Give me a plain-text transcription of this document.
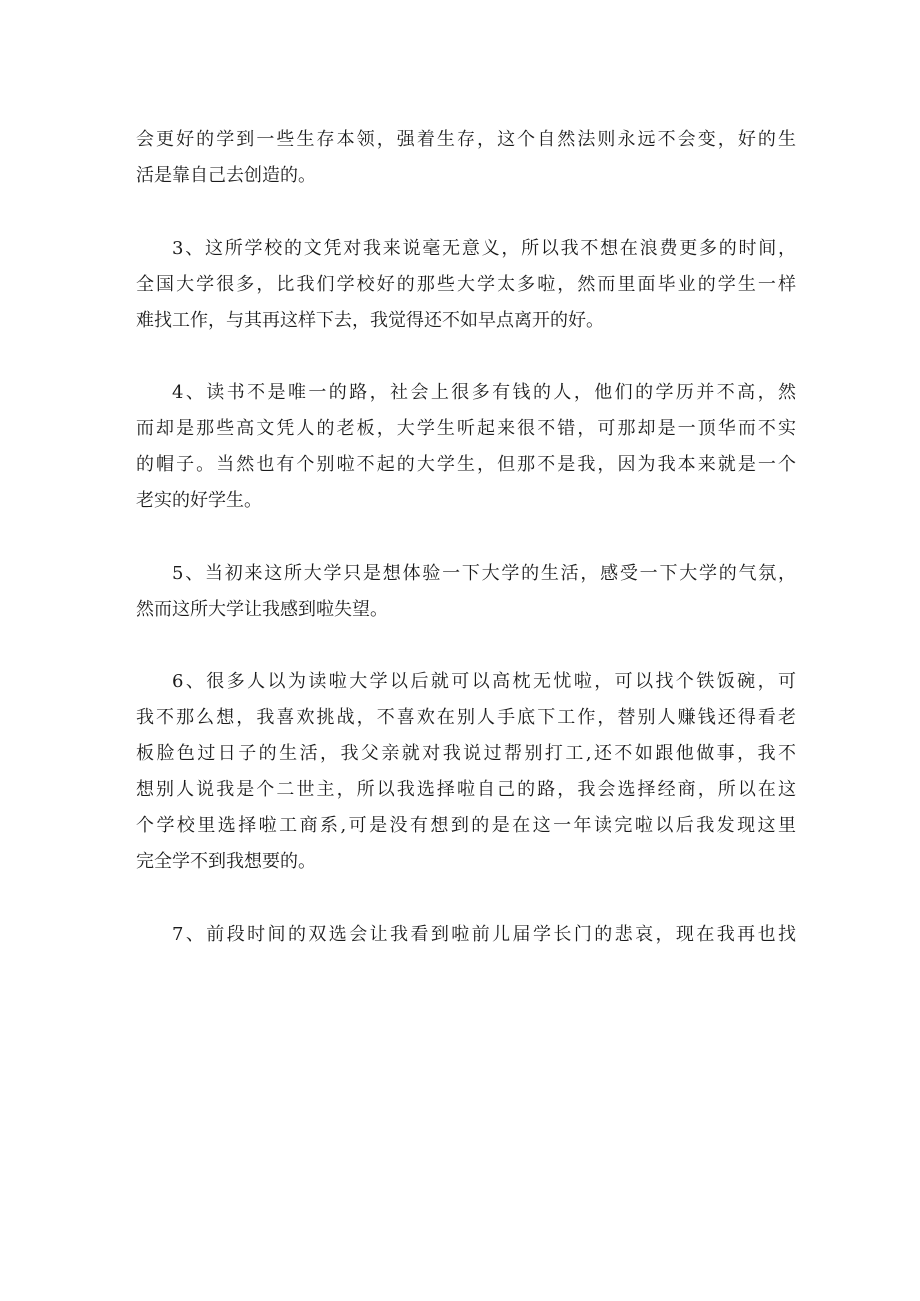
会更好的学到一些生存本领，强着生存，这个自然法则永远不会变，好的生
活是靠自己去创造的。
3、这所学校的文凭对我来说毫无意义，所以我不想在浪费更多的时间，
全国大学很多，比我们学校好的那些大学太多啦，然而里面毕业的学生一样
难找工作，与其再这样下去，我觉得还不如早点离开的好。
4、读书不是唯一的路，社会上很多有钱的人，他们的学历并不高，然
而却是那些高文凭人的老板，大学生听起来很不错，可那却是一顶华而不实
的帽子。当然也有个别啦不起的大学生，但那不是我，因为我本来就是一个
老实的好学生。
5、当初来这所大学只是想体验一下大学的生活，感受一下大学的气氛，
然而这所大学让我感到啦失望。
6、很多人以为读啦大学以后就可以高枕无忧啦，可以找个铁饭碗，可
我不那么想，我喜欢挑战，不喜欢在别人手底下工作，替别人赚钱还得看老
板脸色过日子的生活，我父亲就对我说过帮别打工,还不如跟他做事，我不
想别人说我是个二世主，所以我选择啦自己的路，我会选择经商，所以在这
个学校里选择啦工商系,可是没有想到的是在这一年读完啦以后我发现这里
完全学不到我想要的。
7、前段时间的双选会让我看到啦前儿届学长门的悲哀，现在我再也找
